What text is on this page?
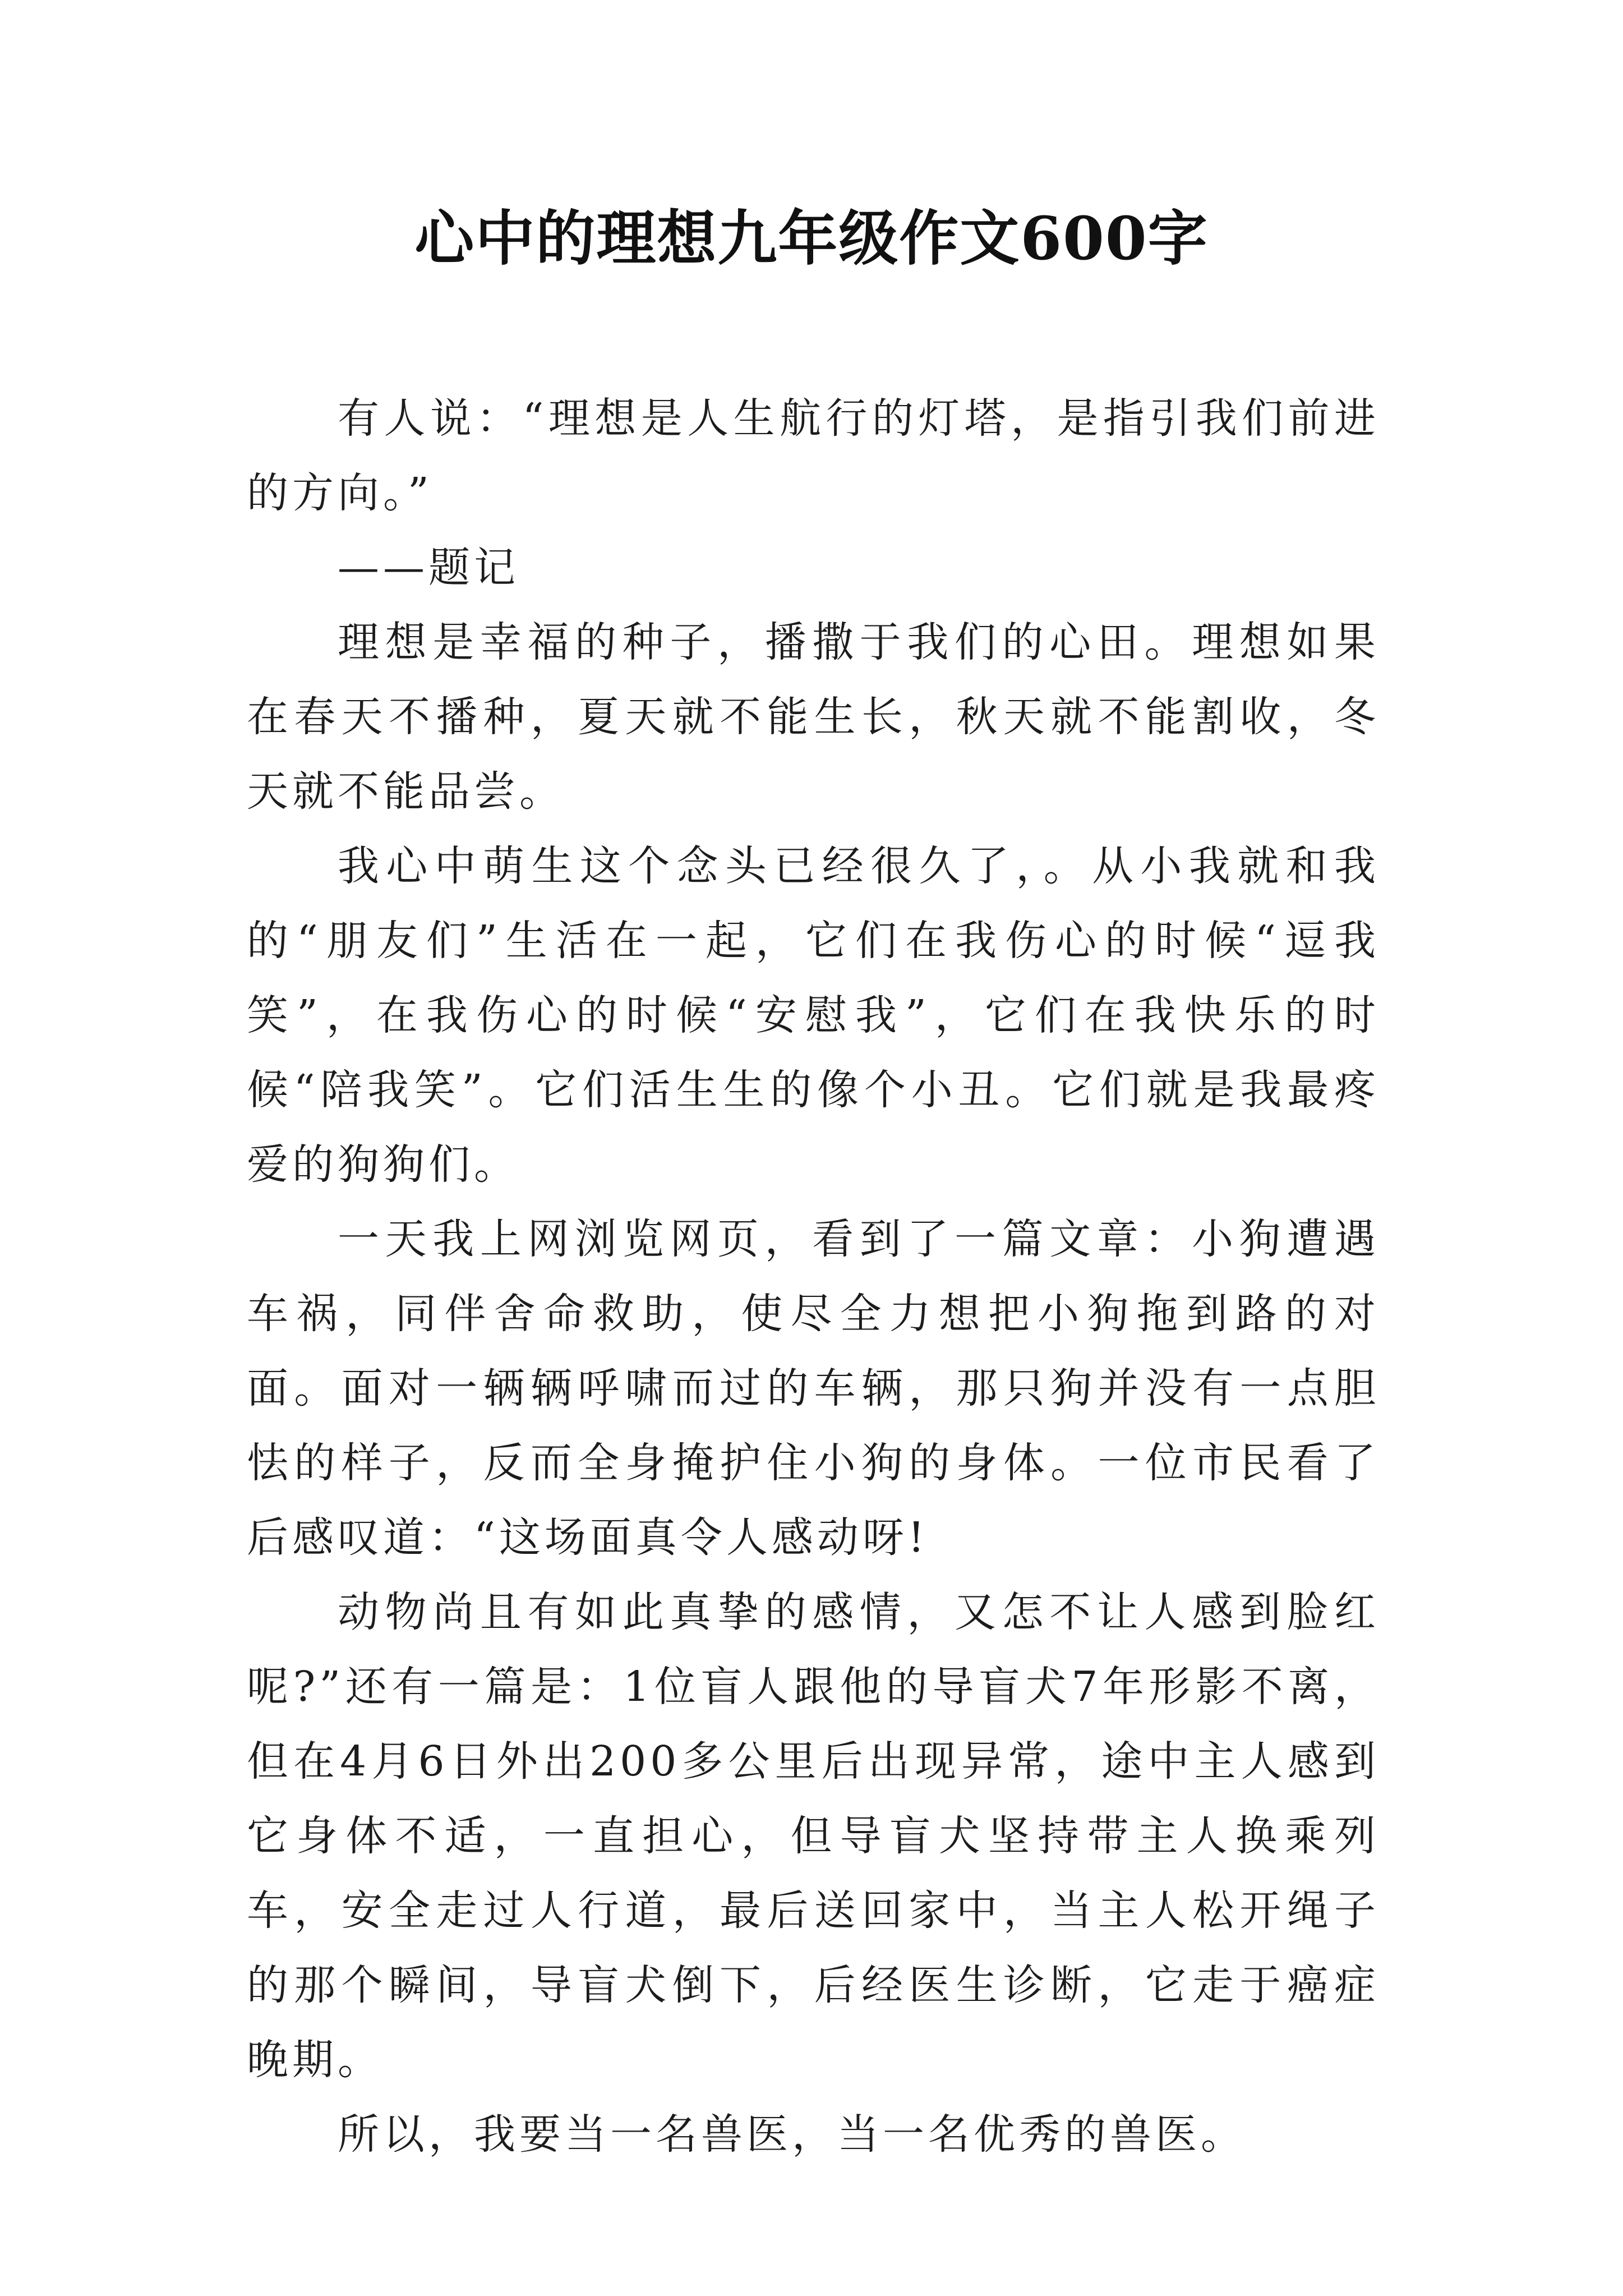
心中的理想九年级作文600字

有人说：“理想是人生航行的灯塔，是指引我们前进的方向。”

——题记

理想是幸福的种子，播撒于我们的心田。理想如果在春天不播种，夏天就不能生长，秋天就不能割收，冬天就不能品尝。

我心中萌生这个念头已经很久了，。从小我就和我的“朋友们”生活在一起，它们在我伤心的时候“逗我笑”，在我伤心的时候“安慰我”，它们在我快乐的时候“陪我笑”。它们活生生的像个小丑。它们就是我最疼爱的狗狗们。

一天我上网浏览网页，看到了一篇文章：小狗遭遇车祸，同伴舍命救助，使尽全力想把小狗拖到路的对面。面对一辆辆呼啸而过的车辆，那只狗并没有一点胆怯的样子，反而全身掩护住小狗的身体。一位市民看了后感叹道：“这场面真令人感动呀!

动物尚且有如此真挚的感情，又怎不让人感到脸红呢?”还有一篇是：1位盲人跟他的导盲犬7年形影不离，但在4月6日外出200多公里后出现异常，途中主人感到它身体不适，一直担心，但导盲犬坚持带主人换乘列车，安全走过人行道，最后送回家中，当主人松开绳子的那个瞬间，导盲犬倒下，后经医生诊断，它走于癌症晚期。

所以，我要当一名兽医，当一名优秀的兽医。
